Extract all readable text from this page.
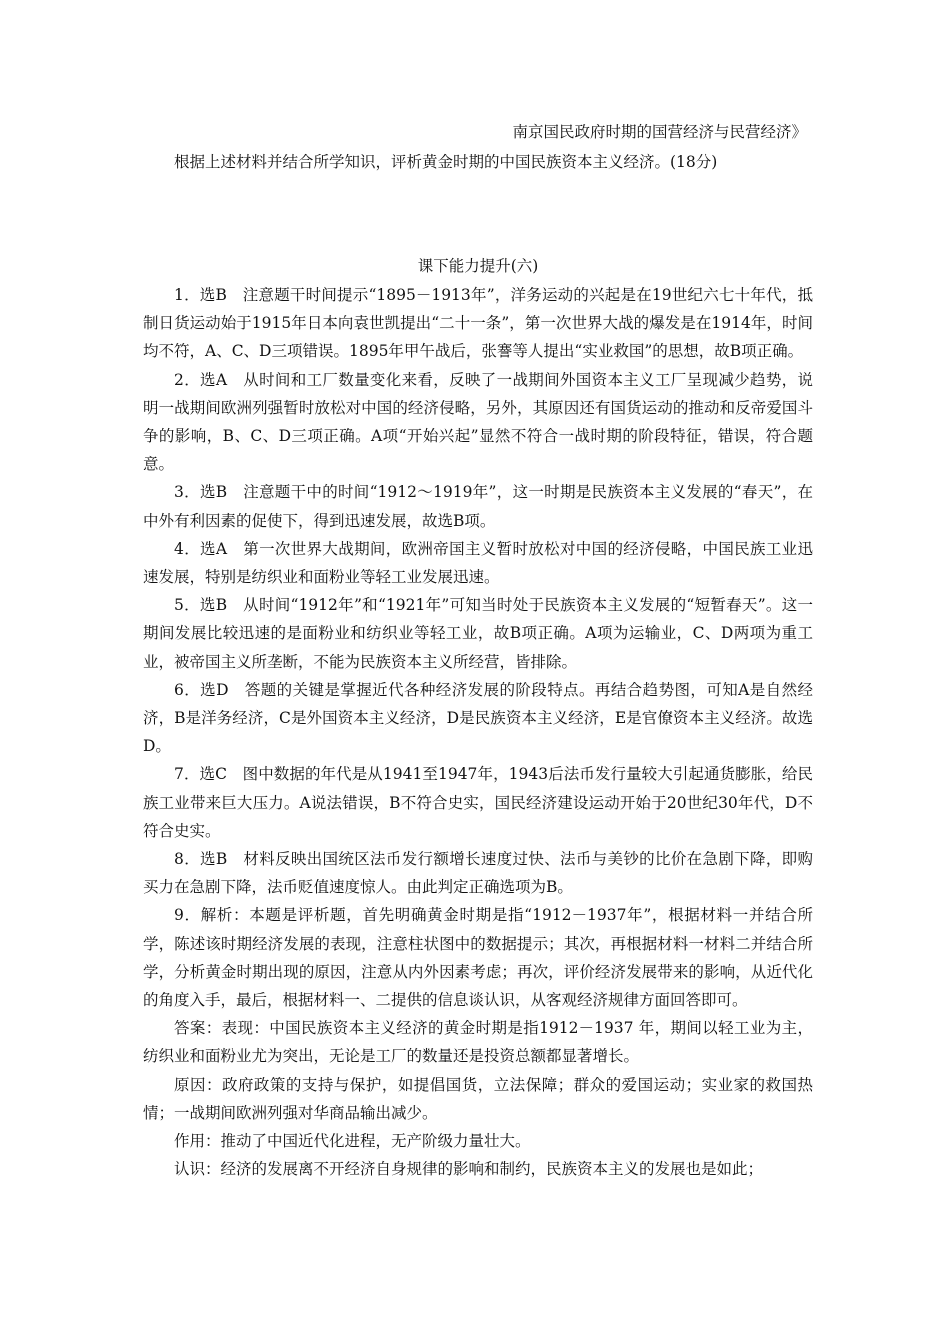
南京国民政府时期的国营经济与民营经济》

根据上述材料并结合所学知识，评析黄金时期的中国民族资本主义经济。(18分)

课下能力提升(六)

1．选B　注意题干时间提示“1895－1913年”，洋务运动的兴起是在19世纪六七十年代，抵制日货运动始于1915年日本向袁世凯提出“二十一条”，第一次世界大战的爆发是在1914年，时间均不符，A、C、D三项错误。1895年甲午战后，张謇等人提出“实业救国”的思想，故B项正确。

2．选A　从时间和工厂数量变化来看，反映了一战期间外国资本主义工厂呈现减少趋势，说明一战期间欧洲列强暂时放松对中国的经济侵略，另外，其原因还有国货运动的推动和反帝爱国斗争的影响，B、C、D三项正确。A项“开始兴起”显然不符合一战时期的阶段特征，错误，符合题意。

3．选B　注意题干中的时间“1912～1919年”，这一时期是民族资本主义发展的“春天”，在中外有利因素的促使下，得到迅速发展，故选B项。

4．选A　第一次世界大战期间，欧洲帝国主义暂时放松对中国的经济侵略，中国民族工业迅速发展，特别是纺织业和面粉业等轻工业发展迅速。

5．选B　从时间“1912年”和“1921年”可知当时处于民族资本主义发展的“短暂春天”。这一期间发展比较迅速的是面粉业和纺织业等轻工业，故B项正确。A项为运输业，C、D两项为重工业，被帝国主义所垄断，不能为民族资本主义所经营，皆排除。

6．选D　答题的关键是掌握近代各种经济发展的阶段特点。再结合趋势图，可知A是自然经济，B是洋务经济，C是外国资本主义经济，D是民族资本主义经济，E是官僚资本主义经济。故选D。

7．选C　图中数据的年代是从1941至1947年，1943后法币发行量较大引起通货膨胀，给民族工业带来巨大压力。A说法错误，B不符合史实，国民经济建设运动开始于20世纪30年代，D不符合史实。

8．选B　材料反映出国统区法币发行额增长速度过快、法币与美钞的比价在急剧下降，即购买力在急剧下降，法币贬值速度惊人。由此判定正确选项为B。

9．解析：本题是评析题，首先明确黄金时期是指“1912－1937年”，根据材料一并结合所学，陈述该时期经济发展的表现，注意柱状图中的数据提示；其次，再根据材料一材料二并结合所学，分析黄金时期出现的原因，注意从内外因素考虑；再次，评价经济发展带来的影响，从近代化的角度入手，最后，根据材料一、二提供的信息谈认识，从客观经济规律方面回答即可。

答案：表现：中国民族资本主义经济的黄金时期是指1912－1937 年，期间以轻工业为主，纺织业和面粉业尤为突出，无论是工厂的数量还是投资总额都显著增长。

原因：政府政策的支持与保护，如提倡国货，立法保障；群众的爱国运动；实业家的救国热情；一战期间欧洲列强对华商品输出减少。

作用：推动了中国近代化进程，无产阶级力量壮大。

认识：经济的发展离不开经济自身规律的影响和制约，民族资本主义的发展也是如此；
